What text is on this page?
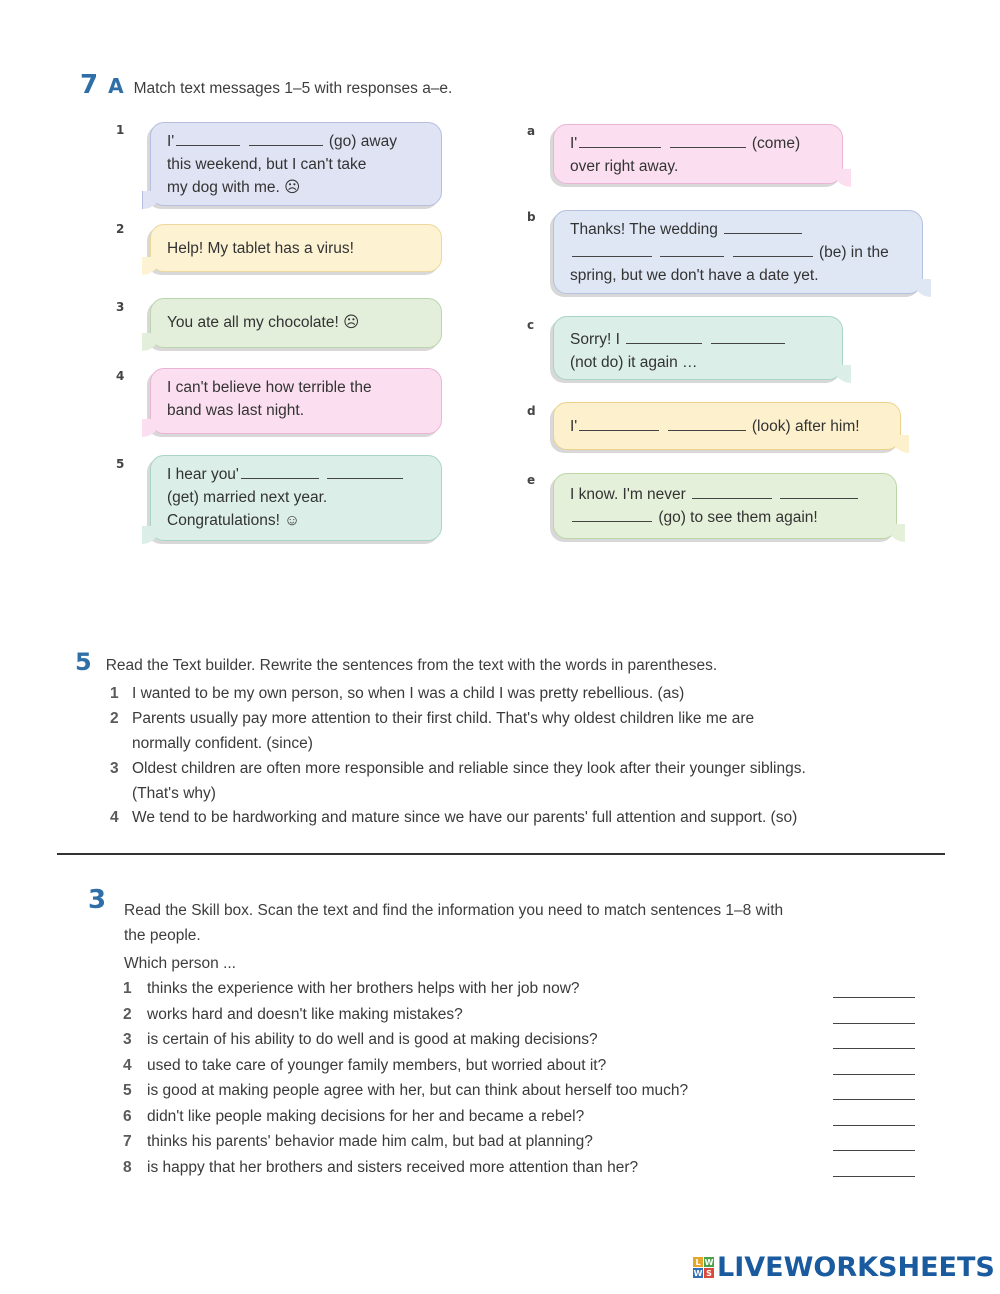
7 A Match text messages 1–5 with responses a–e.
1
2
3
4
5
I'	(go) away
this weekend, but I can't take
my dog with me. ☹
Help! My tablet has a virus!
You ate all my chocolate! ☹
I can't believe how terrible the
band was last night.
I hear you'
(get) married next year.
Congratulations! ☺
a
b
c
d
e
I'	(come)
over right away.
Thanks! The wedding
(be) in the
spring, but we don't have a date yet.
Sorry! I
(not do) it again …
I'	(look) after him!
I know. I'm never
(go) to see them again!
5 Read the Text builder. Rewrite the sentences from the text with the words in parentheses.
1 I wanted to be my own person, so when I was a child I was pretty rebellious. (as)
2 Parents usually pay more attention to their first child. That's why oldest children like me are
normally confident. (since)
3 Oldest children are often more responsible and reliable since they look after their younger siblings.
(That's why)
4 We tend to be hardworking and mature since we have our parents' full attention and support. (so)
3 Read the Skill box. Scan the text and find the information you need to match sentences 1–8 with
the people.
Which person ...
1 thinks the experience with her brothers helps with her job now?
2 works hard and doesn't like making mistakes?
3 is certain of his ability to do well and is good at making decisions?
4 used to take care of younger family members, but worried about it?
5 is good at making people agree with her, but can think about herself too much?
6 didn't like people making decisions for her and became a rebel?
7 thinks his parents' behavior made him calm, but bad at planning?
8 is happy that her brothers and sisters received more attention than her?
L W
W S LIVEWORKSHEETS
